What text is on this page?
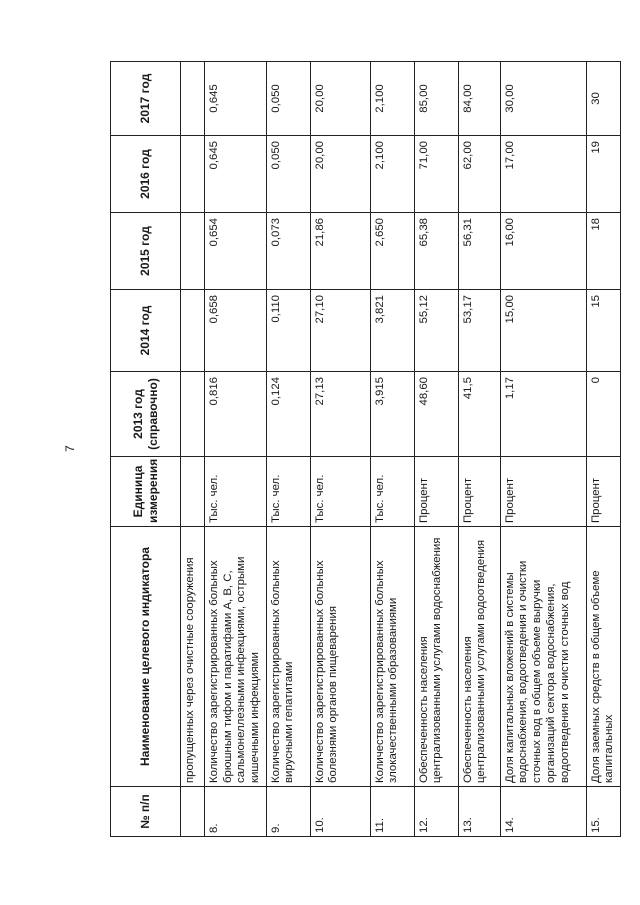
7
№ п/п	Наименование целевого индикатора	Единица измерения	2013 год (справочно)	2014 год	2015 год	2016 год	2017 год
	пропущенных через очистные сооружения						
8.	Количество зарегистрированных больных брюшным тифом и паратифами А, В, С, сальмонеллезными инфекциями, острыми кишечными инфекциями	Тыс. чел.	0,816	0,658	0,654	0,645	0,645
9.	Количество зарегистрированных больных вирусными гепатитами	Тыс. чел.	0,124	0,110	0,073	0,050	0,050
10.	Количество зарегистрированных больных болезнями органов пищеварения	Тыс. чел.	27,13	27,10	21,86	20,00	20,00
11.	Количество зарегистрированных больных злокачественными образованиями	Тыс. чел.	3,915	3,821	2,650	2,100	2,100
12.	Обеспеченность населения централизованными услугами водоснабжения	Процент	48,60	55,12	65,38	71,00	85,00
13.	Обеспеченность населения централизованными услугами водоотведения	Процент	41,5	53,17	56,31	62,00	84,00
14.	Доля капитальных вложений в системы водоснабжения, водоотведения и очистки сточных вод в общем объеме выручки организаций сектора водоснабжения, водоотведения и очистки сточных вод	Процент	1,17	15,00	16,00	17,00	30,00
15.	Доля заемных средств в общем объеме капитальных	Процент	0	15	18	19	30
